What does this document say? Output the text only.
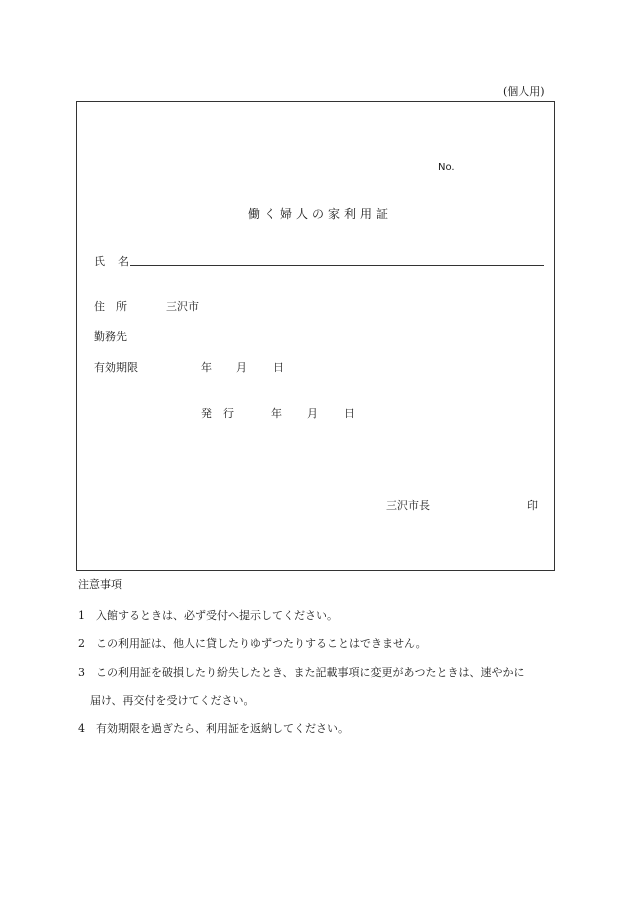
(個人用)
No.
働く婦人の家利用証
氏 名
住　所	三沢市
勤務先
有効期限	年 月 日
発　行	年 月 日
三沢市長	印
注意事項
1 入館するときは、必ず受付へ提示してください。
2 この利用証は、他人に貸したりゆずつたりすることはできません。
3 この利用証を破損したり紛失したとき、また記載事項に変更があつたときは、速やかに
届け、再交付を受けてください。
4 有効期限を過ぎたら、利用証を返納してください。
